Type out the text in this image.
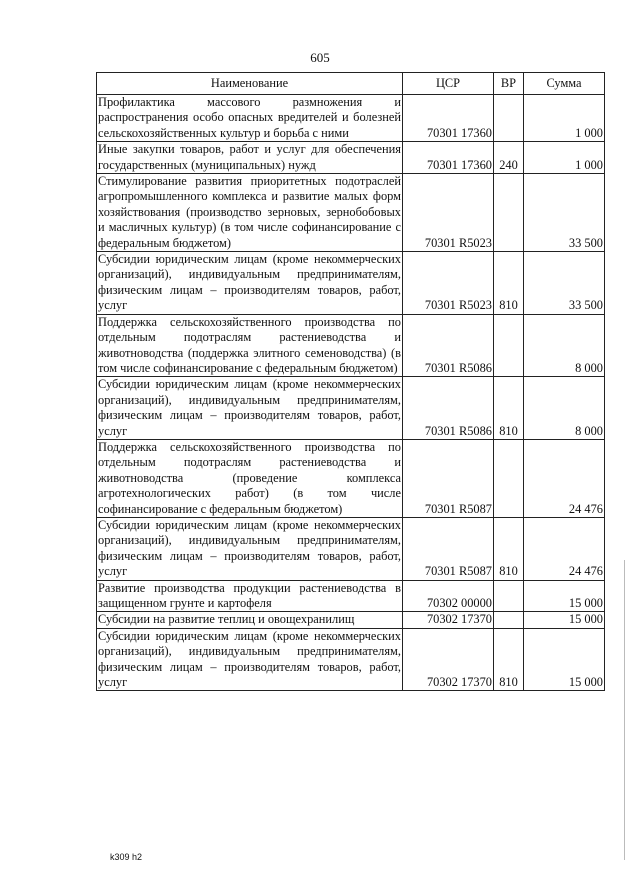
605
Наименование	ЦСР	ВР	Сумма
Профилактика массового размножения и распространения особо опасных вредителей и болезней сельскохозяйственных культур и борьба с ними	70301 17360		1 000
Иные закупки товаров, работ и услуг для обеспечения государственных (муниципальных) нужд	70301 17360	240	1 000
Стимулирование развития приоритетных подотраслей агропромышленного комплекса и развитие малых форм хозяйствования (производство зерновых, зернобобовых и масличных культур) (в том числе софинансирование с федеральным бюджетом)	70301 R5023		33 500
Субсидии юридическим лицам (кроме некоммерческих организаций), индивидуальным предпринимателям, физическим лицам – производителям товаров, работ, услуг	70301 R5023	810	33 500
Поддержка сельскохозяйственного производства по отдельным подотраслям растениеводства и животноводства (поддержка элитного семеноводства) (в том числе софинансирование с федеральным бюджетом)	70301 R5086		8 000
Субсидии юридическим лицам (кроме некоммерческих организаций), индивидуальным предпринимателям, физическим лицам – производителям товаров, работ, услуг	70301 R5086	810	8 000
Поддержка сельскохозяйственного производства по отдельным подотраслям растениеводства и животноводства (проведение комплекса агротехнологических работ) (в том числе софинансирование с федеральным бюджетом)	70301 R5087		24 476
Субсидии юридическим лицам (кроме некоммерческих организаций), индивидуальным предпринимателям, физическим лицам – производителям товаров, работ, услуг	70301 R5087	810	24 476
Развитие производства продукции растениеводства в защищенном грунте и картофеля	70302 00000		15 000
Субсидии на развитие теплиц и овощехранилищ	70302 17370		15 000
Субсидии юридическим лицам (кроме некоммерческих организаций), индивидуальным предпринимателям, физическим лицам – производителям товаров, работ, услуг	70302 17370	810	15 000
k309 h2
